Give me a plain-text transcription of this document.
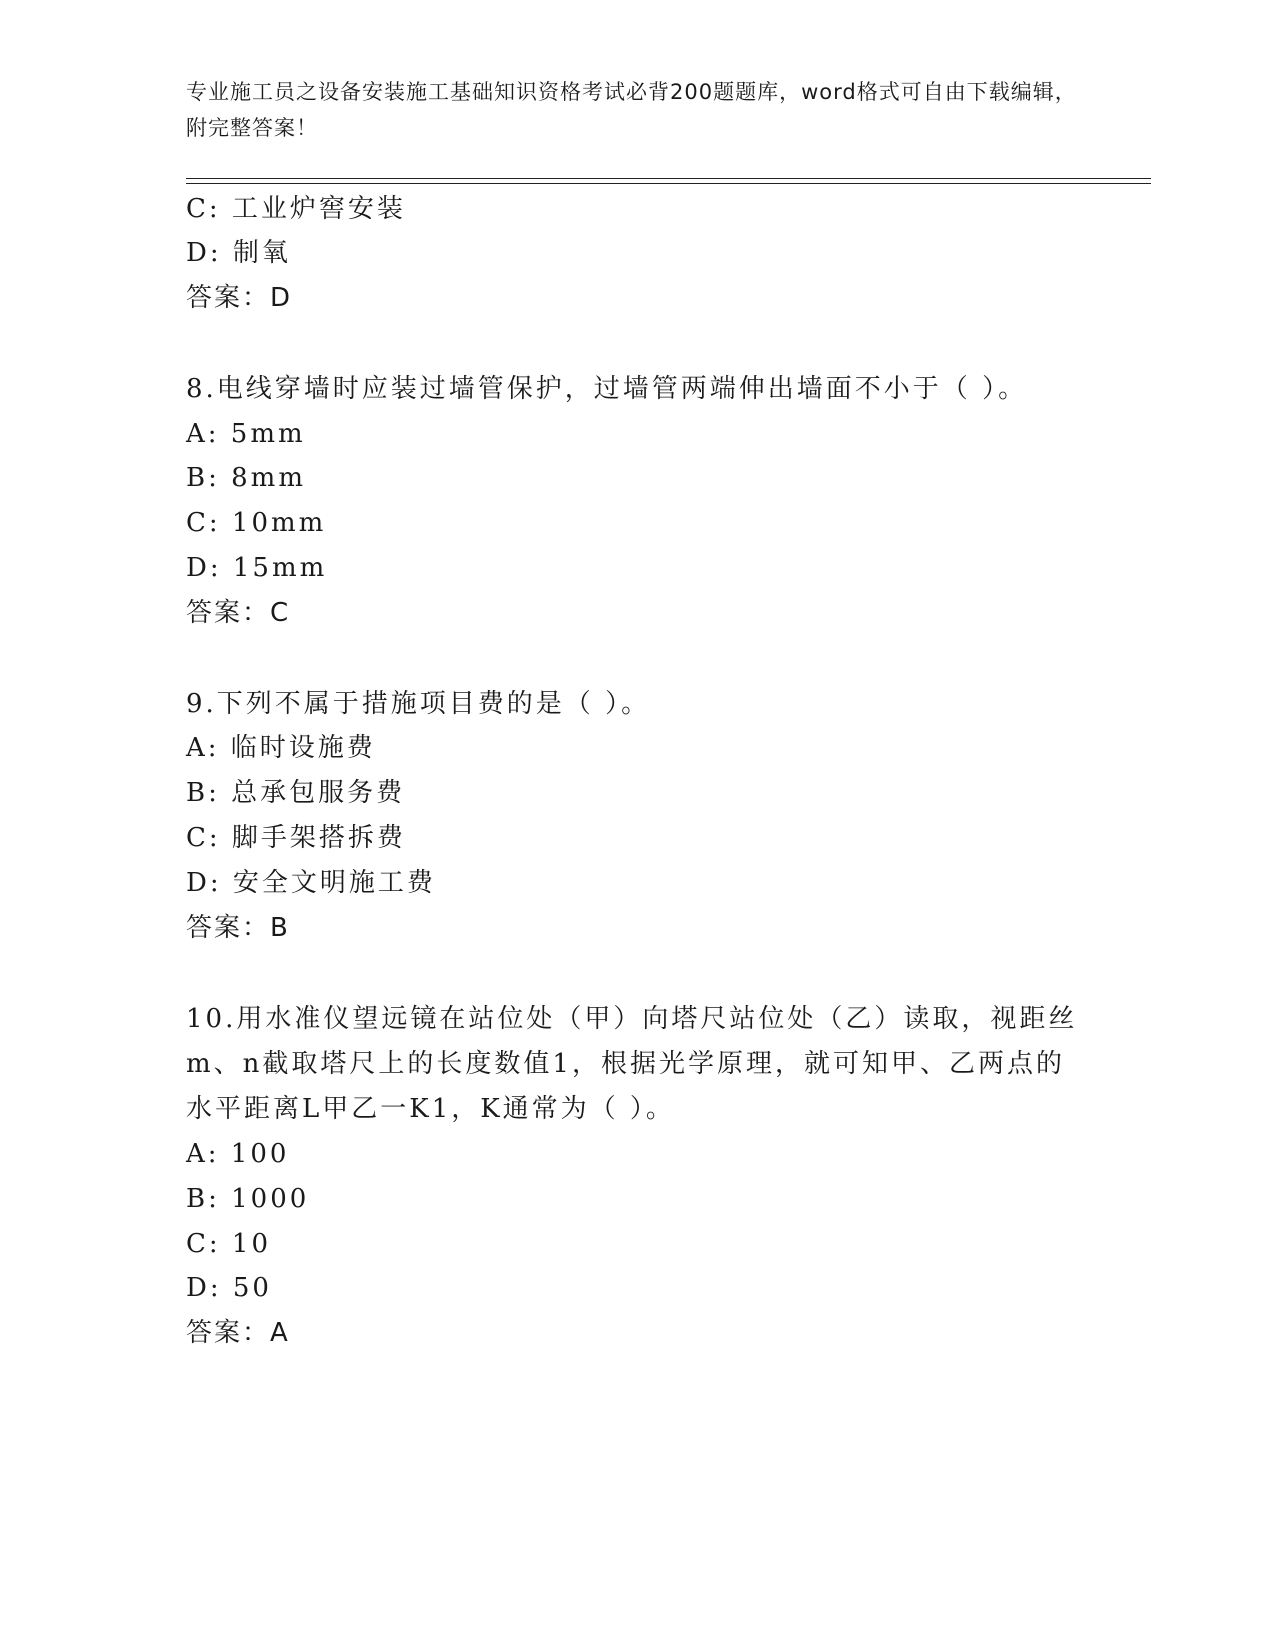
专业施工员之设备安装施工基础知识资格考试必背200题题库，word格式可自由下载编辑，附完整答案！
C: 工业炉窖安装
D: 制氧
答案：D
8.电线穿墙时应装过墙管保护，过墙管两端伸出墙面不小于（ ）。
A: 5mm
B: 8mm
C: 10mm
D: 15mm
答案：C
9.下列不属于措施项目费的是（ ）。
A: 临时设施费
B: 总承包服务费
C: 脚手架搭拆费
D: 安全文明施工费
答案：B
10.用水准仪望远镜在站位处（甲）向塔尺站位处（乙）读取，视距丝
m、n截取塔尺上的长度数值1，根据光学原理，就可知甲、乙两点的
水平距离L甲乙一K1，K通常为（ ）。
A: 100
B: 1000
C: 10
D: 50
答案：A
